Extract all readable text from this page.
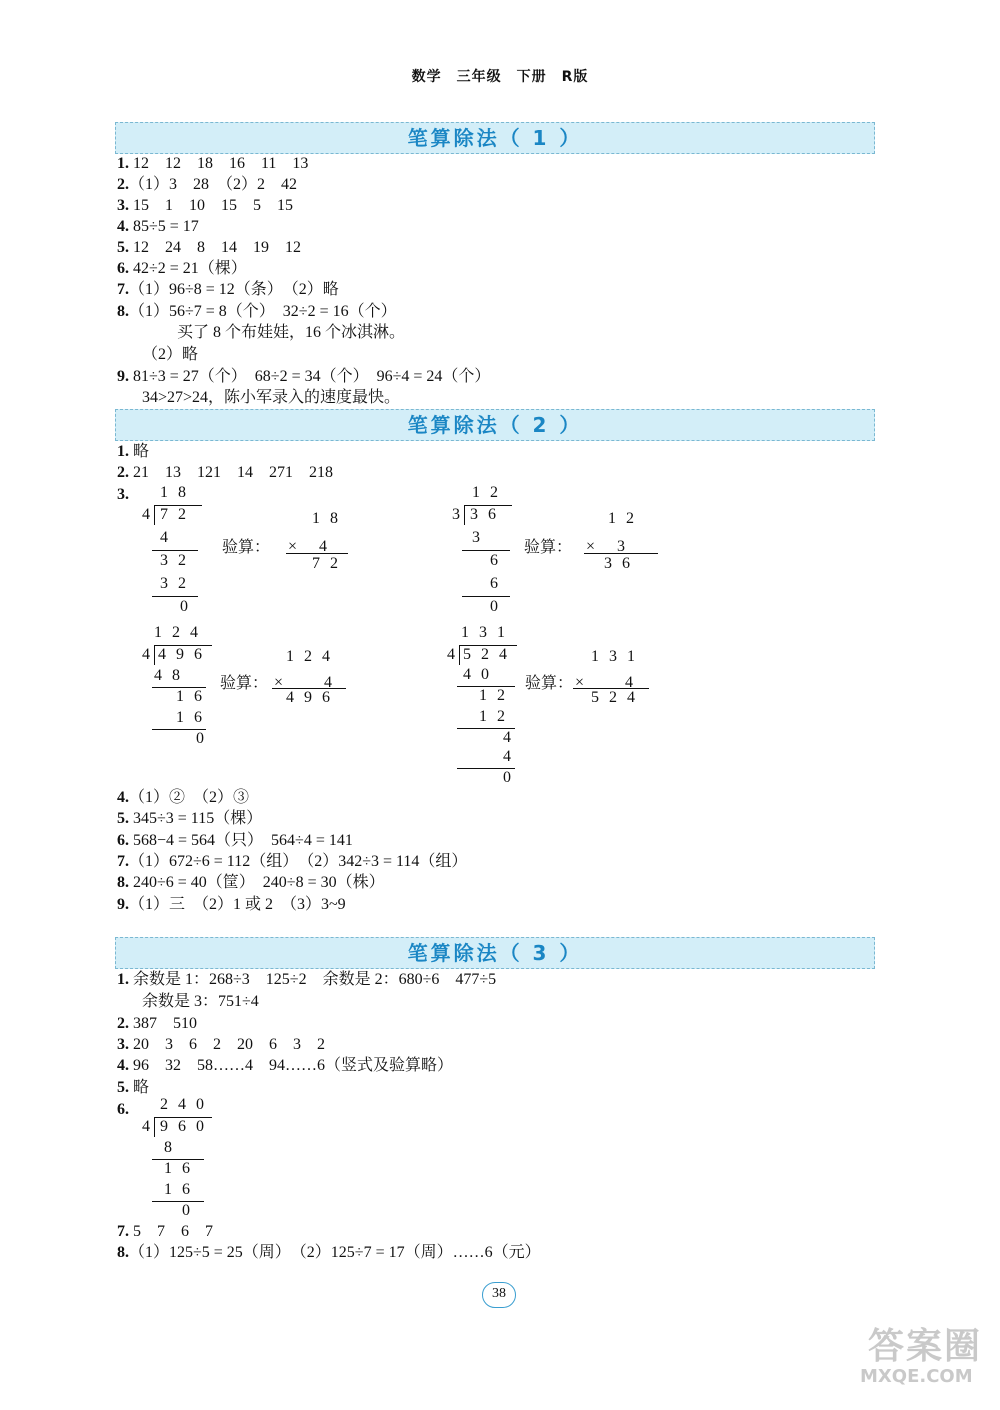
数学　三年级　下册　R版
笔算除法（ 1 ）
1. 12　12　18　16　11　13
2.（1）3　28　（2）2　42
3. 15　1　10　15　5　15
4. 85÷5 = 17
5. 12　24　8　14　19　12
6. 42÷2 = 21（棵）
7.（1）96÷8 = 12（条）　（2）略
8.（1）56÷7 = 8（个）　32÷2 = 16（个）
买了 8 个布娃娃，16 个冰淇淋。
（2）略
9. 81÷3 = 27（个）　68÷2 = 34（个）　96÷4 = 24（个）
34>27>24，陈小军录入的速度最快。
笔算除法（ 2 ）
1. 略
2. 21　13　121　14　271　218
3. 1 8
4 7 2
4
3 2
3 2
0
验算：
1 8
×　4
7 2
1 2
3 3 6
3
6
6
0
验算：
1 2
×　3
3 6
1 2 4
4 4 9 6
4 8
1 6
1 6
0
验算：
1 2 4
×　　4
4 9 6
1 3 1
4 5 2 4
4 0
1 2
1 2
4
4
0
验算：
1 3 1
×　　4
5 2 4
4.（1）②　（2）③
5. 345÷3 = 115（棵）
6. 568−4 = 564（只）　564÷4 = 141
7.（1）672÷6 = 112（组）　（2）342÷3 = 114（组）
8. 240÷6 = 40（筐）　240÷8 = 30（株）
9.（1）三　（2）1 或 2　（3）3~9
笔算除法（ 3 ）
1. 余数是 1：268÷3　125÷2　余数是 2：680÷6　477÷5
余数是 3：751÷4
2. 387　510
3. 20　3　6　2　20　6　3　2
4. 96　32　58……4　94……6（竖式及验算略）
5. 略
6. 2 4 0
4 9 6 0
8
1 6
1 6
0
7. 5　7　6　7
8.（1）125÷5 = 25（周）　（2）125÷7 = 17（周）……6（元）
38
答案圈
MXQE.COM
